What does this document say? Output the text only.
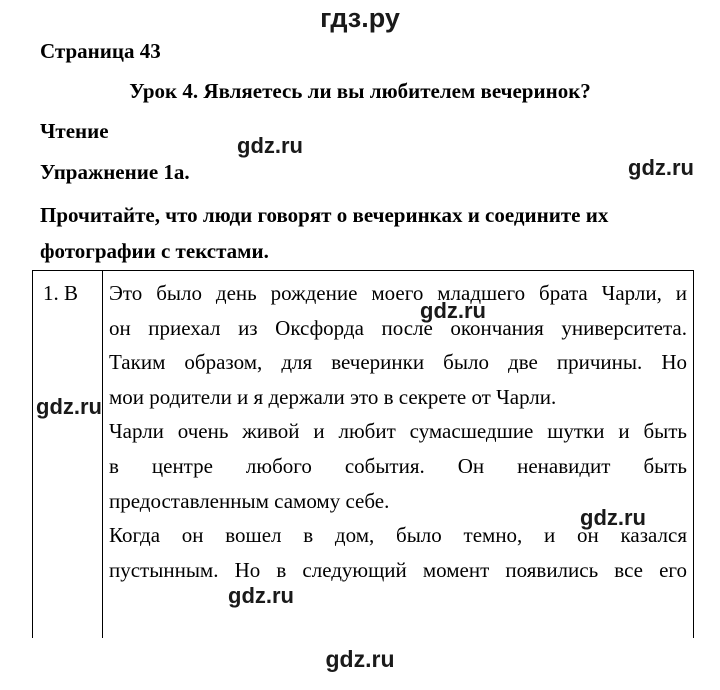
гдз.ру
Страница 43
Урок 4. Являетесь ли вы любителем вечеринок?
Чтение
Упражнение 1а.
Прочитайте, что люди говорят о вечеринках и соедините их
фотографии с текстами.
1. B Это было день рождение моего младшего брата Чарли, и
он приехал из Оксфорда после окончания университета.
Таким образом, для вечеринки было две причины. Но
мои родители и я держали это в секрете от Чарли.
Чарли очень живой и любит сумасшедшие шутки и быть
в центре любого события. Он ненавидит быть
предоставленным самому себе.
Когда он вошел в дом, было темно, и он казался
пустынным. Но в следующий момент появились все его
gdz.ru
gdz.ru
gdz.ru
gdz.ru
gdz.ru
gdz.ru
gdz.ru
